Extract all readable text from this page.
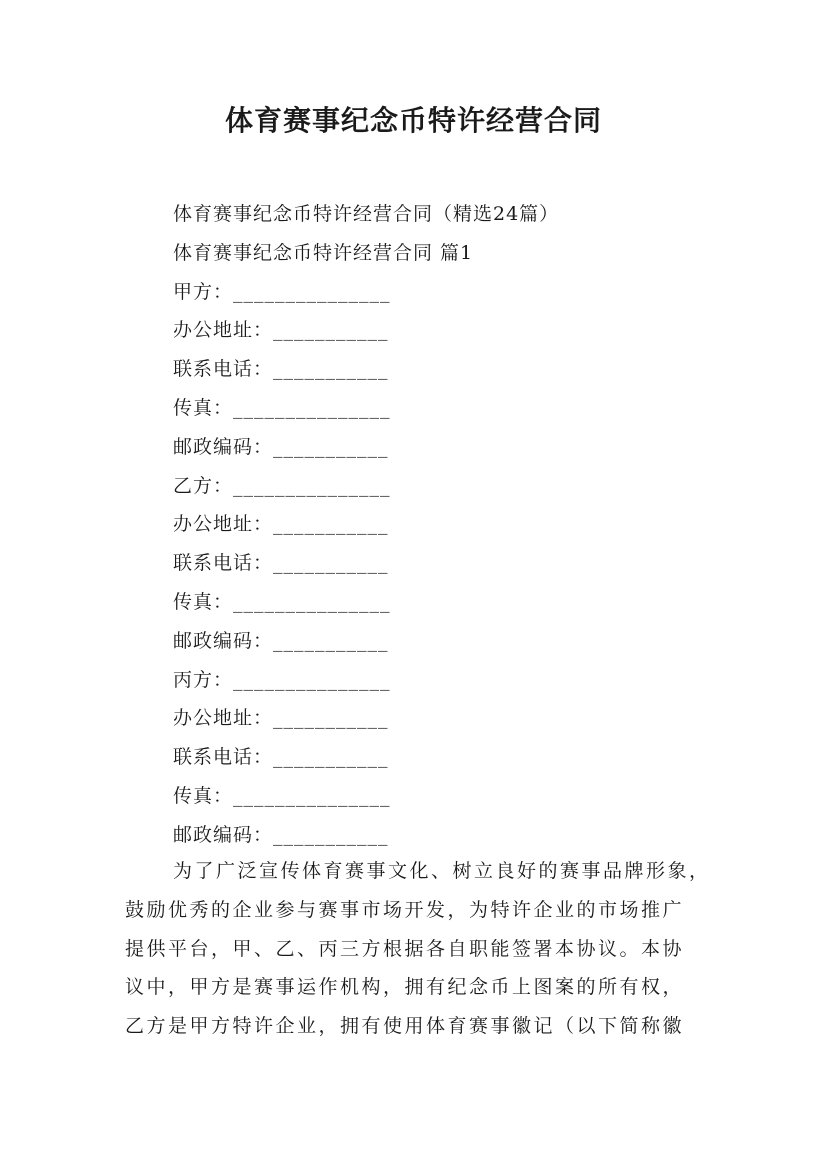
体育赛事纪念币特许经营合同
体育赛事纪念币特许经营合同（精选24篇）
体育赛事纪念币特许经营合同 篇1
甲方：_______________
办公地址：___________
联系电话：___________
传真：_______________
邮政编码：___________
乙方：_______________
办公地址：___________
联系电话：___________
传真：_______________
邮政编码：___________
丙方：_______________
办公地址：___________
联系电话：___________
传真：_______________
邮政编码：___________
为了广泛宣传体育赛事文化、树立良好的赛事品牌形象，
鼓励优秀的企业参与赛事市场开发，为特许企业的市场推广
提供平台，甲、乙、丙三方根据各自职能签署本协议。本协
议中，甲方是赛事运作机构，拥有纪念币上图案的所有权，
乙方是甲方特许企业，拥有使用体育赛事徽记（以下简称徽
